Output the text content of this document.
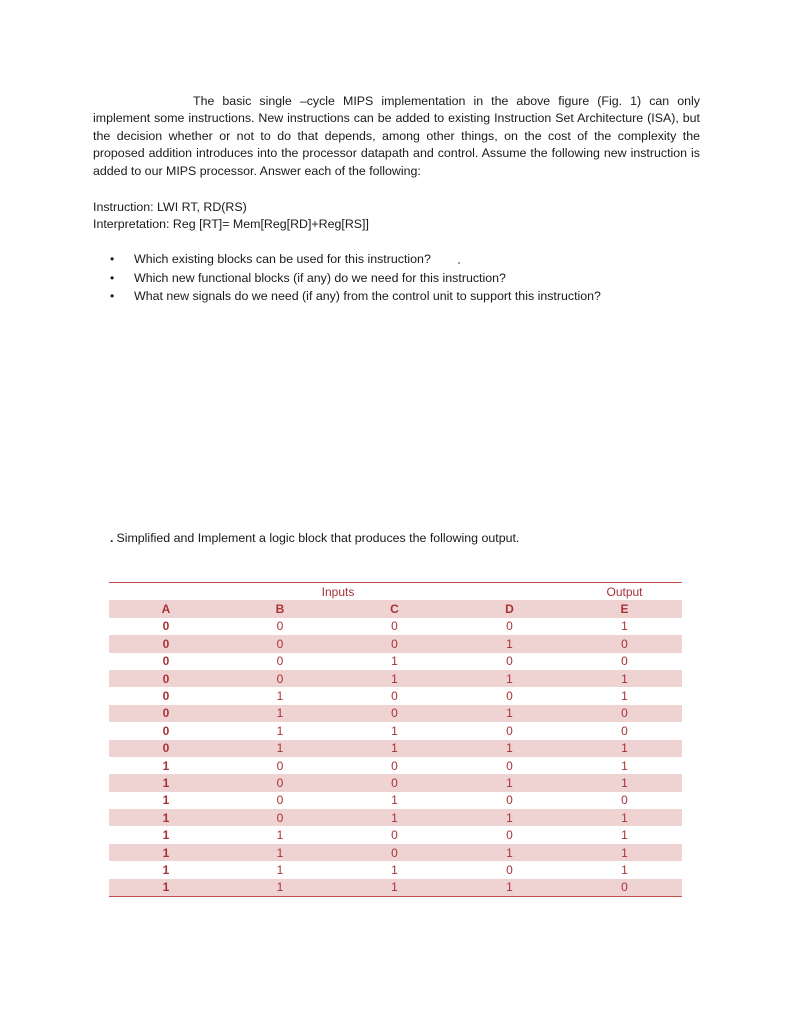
The basic single –cycle MIPS implementation in the above figure (Fig. 1) can only implement some instructions. New instructions can be added to existing Instruction Set Architecture (ISA), but the decision whether or not to do that depends, among other things, on the cost of the complexity the proposed addition introduces into the processor datapath and control. Assume the following new instruction is added to our MIPS processor. Answer each of the following:

Instruction: LWI RT, RD(RS)
Interpretation: Reg [RT]= Mem[Reg[RD]+Reg[RS]]
• Which existing blocks can be used for this instruction?
• Which new functional blocks (if any) do we need for this instruction?
• What new signals do we need (if any) from the control unit to support this instruction?
. Simplified and Implement a logic block that produces the following output.
Inputs				Output
A	B	C	D	E
0	0	0	0	1
0	0	0	1	0
0	0	1	0	0
0	0	1	1	1
0	1	0	0	1
0	1	0	1	0
0	1	1	0	0
0	1	1	1	1
1	0	0	0	1
1	0	0	1	1
1	0	1	0	0
1	0	1	1	1
1	1	0	0	1
1	1	0	1	1
1	1	1	0	1
1	1	1	1	0
